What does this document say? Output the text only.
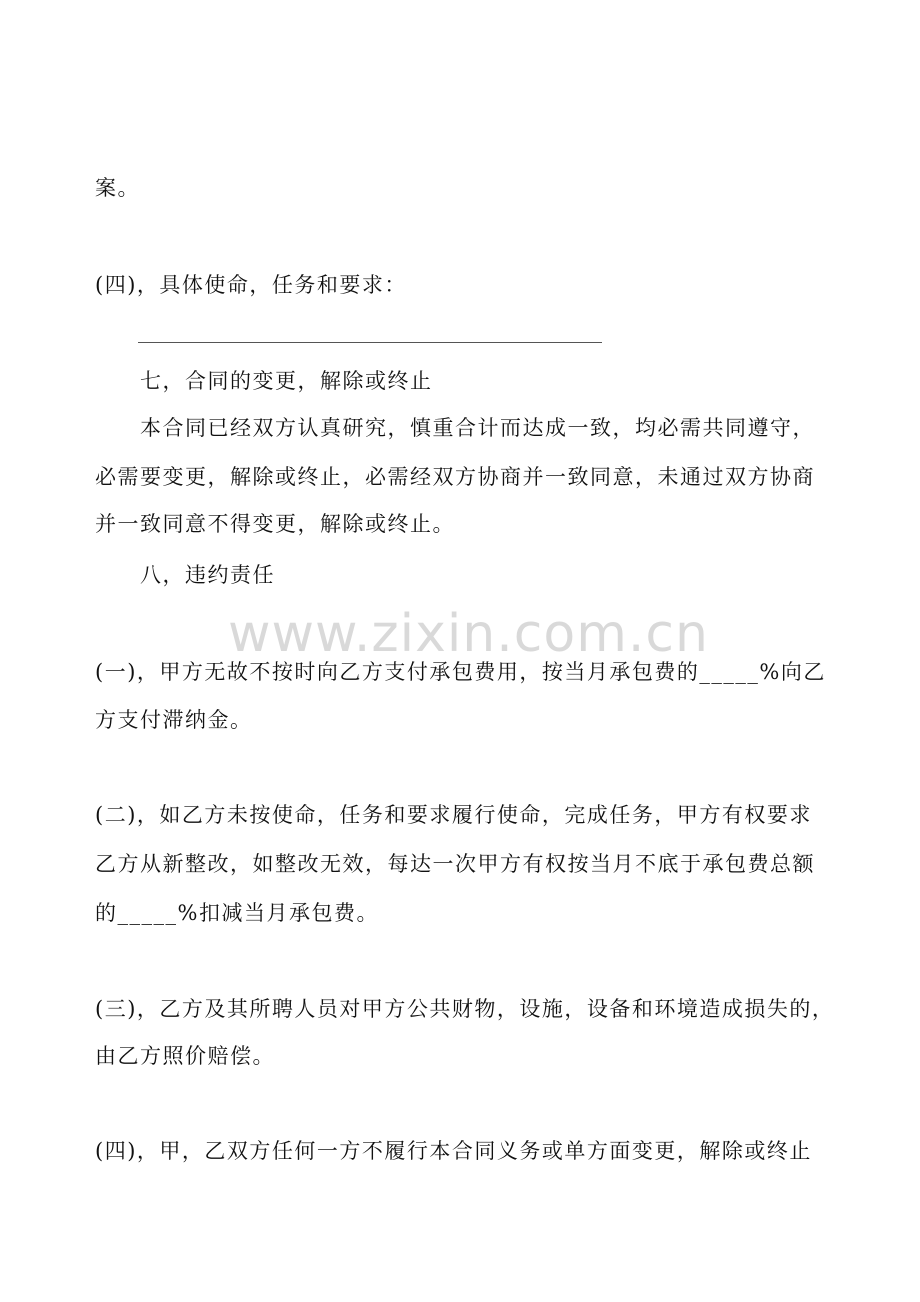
www.zixin.com.cn
案。
(四)，具体使命，任务和要求：
七，合同的变更，解除或终止
本合同已经双方认真研究，慎重合计而达成一致，均必需共同遵守，
必需要变更，解除或终止，必需经双方协商并一致同意，未通过双方协商
并一致同意不得变更，解除或终止。
八，违约责任
(一)，甲方无故不按时向乙方支付承包费用，按当月承包费的_____%向乙
方支付滞纳金。
(二)，如乙方未按使命，任务和要求履行使命，完成任务，甲方有权要求
乙方从新整改，如整改无效，每达一次甲方有权按当月不底于承包费总额
的_____%扣减当月承包费。
(三)，乙方及其所聘人员对甲方公共财物，设施，设备和环境造成损失的，
由乙方照价赔偿。
(四)，甲，乙双方任何一方不履行本合同义务或单方面变更，解除或终止
